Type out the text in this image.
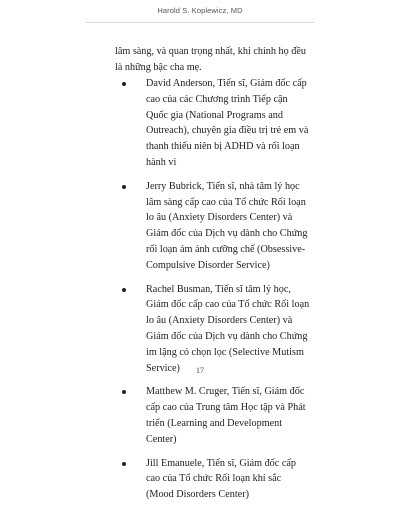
Harold S. Koplewicz, MD

lâm sàng, và quan trọng nhất, khi chính họ đều là những bậc cha mẹ.

David Anderson, Tiến sĩ, Giám đốc cấp cao của các Chương trình Tiếp cận Quốc gia (National Programs and Outreach), chuyên gia điều trị trẻ em và thanh thiếu niên bị ADHD và rối loạn hành vi
Jerry Bubrick, Tiến sĩ, nhà tâm lý học lâm sàng cấp cao của Tổ chức Rối loạn lo âu (Anxiety Disorders Center) và Giám đốc của Dịch vụ dành cho Chứng rối loạn ám ảnh cưỡng chế (Obsessive-Compulsive Disorder Service)
Rachel Busman, Tiến sĩ tâm lý học, Giám đốc cấp cao của Tổ chức Rối loạn lo âu (Anxiety Disorders Center) và Giám đốc của Dịch vụ dành cho Chứng im lặng có chọn lọc (Selective Mutism Service)
Matthew M. Cruger, Tiến sĩ, Giám đốc cấp cao của Trung tâm Học tập và Phát triển (Learning and Development Center)
Jill Emanuele, Tiến sĩ, Giám đốc cấp cao của Tổ chức Rối loạn khí sắc (Mood Disorders Center)
17
